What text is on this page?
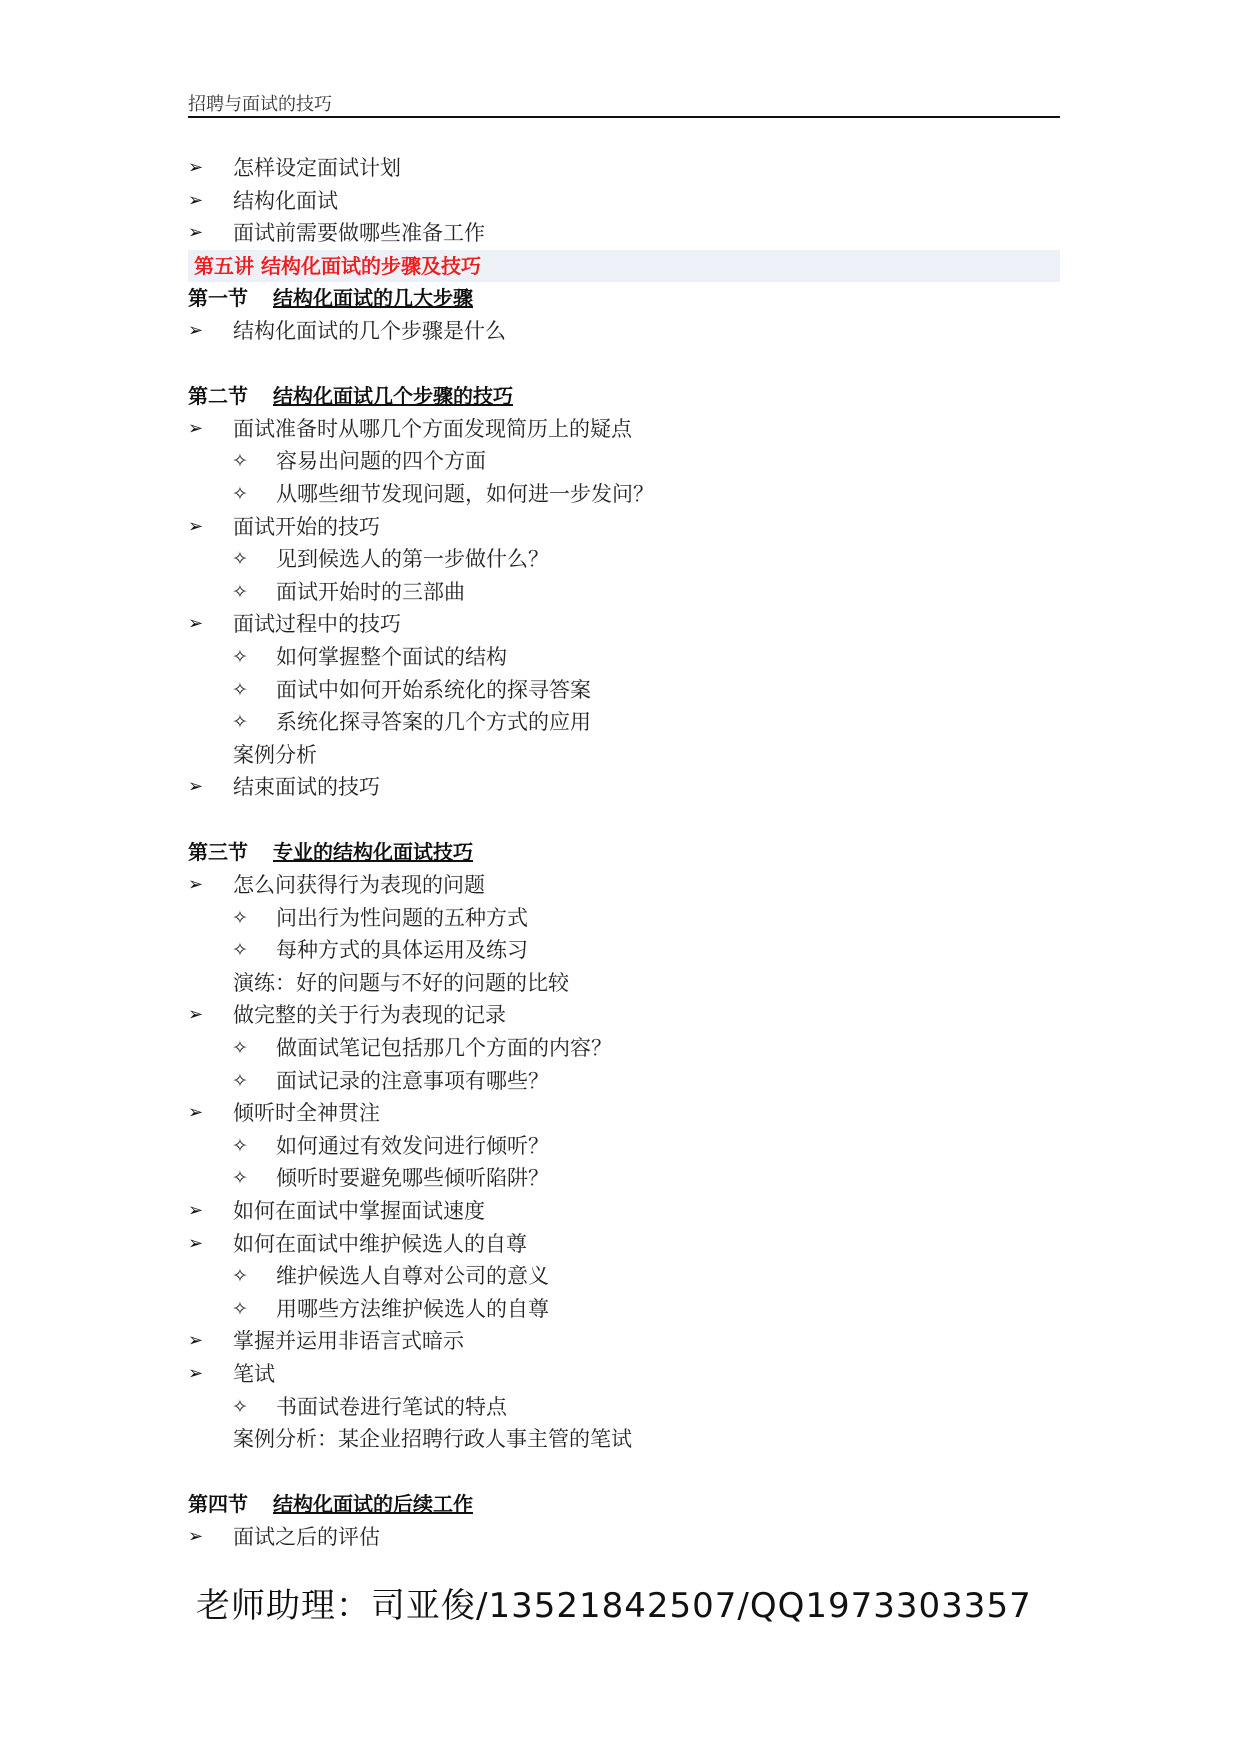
招聘与面试的技巧
➢	怎样设定面试计划
➢	结构化面试
➢	面试前需要做哪些准备工作
第五讲 结构化面试的步骤及技巧
第一节 结构化面试的几大步骤
➢	结构化面试的几个步骤是什么
第二节 结构化面试几个步骤的技巧
➢	面试准备时从哪几个方面发现简历上的疑点
✧	容易出问题的四个方面
✧	从哪些细节发现问题，如何进一步发问？
➢	面试开始的技巧
✧	见到候选人的第一步做什么？
✧	面试开始时的三部曲
➢	面试过程中的技巧
✧	如何掌握整个面试的结构
✧	面试中如何开始系统化的探寻答案
✧	系统化探寻答案的几个方式的应用
案例分析
➢	结束面试的技巧
第三节 专业的结构化面试技巧
➢	怎么问获得行为表现的问题
✧	问出行为性问题的五种方式
✧	每种方式的具体运用及练习
演练：好的问题与不好的问题的比较
➢	做完整的关于行为表现的记录
✧	做面试笔记包括那几个方面的内容？
✧	面试记录的注意事项有哪些？
➢	倾听时全神贯注
✧	如何通过有效发问进行倾听？
✧	倾听时要避免哪些倾听陷阱？
➢	如何在面试中掌握面试速度
➢	如何在面试中维护候选人的自尊
✧	维护候选人自尊对公司的意义
✧	用哪些方法维护候选人的自尊
➢	掌握并运用非语言式暗示
➢	笔试
✧	书面试卷进行笔试的特点
案例分析：某企业招聘行政人事主管的笔试
第四节 结构化面试的后续工作
➢	面试之后的评估
老师助理：司亚俊/13521842507/QQ1973303357
